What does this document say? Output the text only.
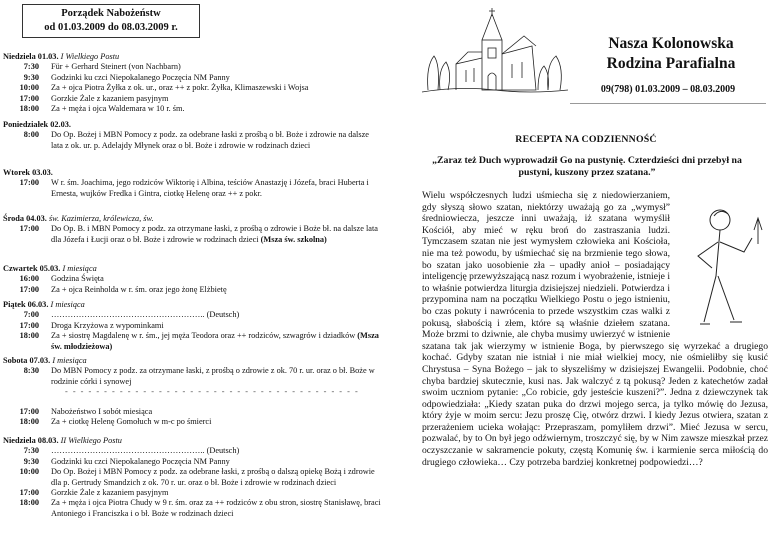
Porządek Nabożeństw
od 01.03.2009 do 08.03.2009 r.
Niedziela 01.03. I Wielkiego Postu
7:30	Für + Gerhard Steinert (von Nachbarn)
9:30	Godzinki ku czci Niepokalanego Poczęcia NM Panny
10:00	Za + ojca Piotra Żyłka z ok. ur., oraz ++ z pokr. Żyłka, Klimaszewski i Wojsa
17:00	Gorzkie Żale z kazaniem pasyjnym
18:00	Za + męża i ojca Waldemara w 10 r. śm.
Poniedziałek 02.03.
8:00	Do Op. Bożej i MBN Pomocy z podz. za odebrane łaski z prośbą o bł. Boże i zdrowie na dalsze lata z ok. ur. p. Adelajdy Młynek oraz o bł. Boże i zdrowie w rodzinach dzieci
Wtorek 03.03.
17:00	W r. śm. Joachima, jego rodziców Wiktorię i Albina, teściów Anastazję i Józefa, braci Huberta i Ernesta, wujków Fredka i Gintra, ciotkę Helenę oraz ++ z pokr.
Środa 04.03. św. Kazimierza, królewicza, św.
17:00	Do Op. B. i MBN Pomocy z podz. za otrzymane łaski, z prośbą o zdrowie i Boże bł. na dalsze lata dla Józefa i Łucji oraz o bł. Boże i zdrowie w rodzinach dzieci (Msza św. szkolna)
Czwartek 05.03. I miesiąca
16:00	Godzina Święta
17:00	Za + ojca Reinholda w r. śm. oraz jego żonę Elżbietę
Piątek 06.03. I miesiąca
7:00	……………………………………………….. (Deutsch)
17:00	Droga Krzyżowa z wypominkami
18:00	Za + siostrę Magdalenę w r. śm., jej męża Teodora oraz ++ rodziców, szwagrów i dziadków (Msza św. młodzieżowa)
Sobota 07.03. I miesiąca
8:30	Do MBN Pomocy z podz. za otrzymane łaski, z prośbą o zdrowie z ok. 70 r. ur. oraz o bł. Boże w rodzinie córki i synowej
- - - - - - - - - - - - - - - - - - - - - - - - - - - - - - - - - - - - - -
17:00	Nabożeństwo I sobót miesiąca
18:00	Za + ciotkę Helenę Gomołuch w m-c po śmierci
Niedziela 08.03. II Wielkiego Postu
7:30	……………………………………………….. (Deutsch)
9:30	Godzinki ku czci Niepokalanego Poczęcia NM Panny
10:00	Do Op. Bożej i MBN Pomocy z podz. za odebrane łaski, z prośbą o dalszą opiekę Bożą i zdrowie dla p. Gertrudy Smandzich z ok. 70 r. ur. oraz o bł. Boże i zdrowie w rodzinach dzieci
17:00	Gorzkie Żale z kazaniem pasyjnym
18:00	Za + męża i ojca Piotra Chudy w 9 r. śm. oraz za ++ rodziców z obu stron, siostrę Stanisławę, braci Antoniego i Franciszka i o bł. Boże w rodzinach dzieci
Nasza Kolonowska
Rodzina Parafialna
09(798) 01.03.2009 – 08.03.2009
RECEPTA NA CODZIENNOŚĆ
„Zaraz też Duch wyprowadził Go na pustynię. Czterdzieści dni przebył na pustyni, kuszony przez szatana.”

Wielu współczesnych ludzi uśmiecha się z niedowierzaniem, gdy słyszą słowo szatan, niektórzy uważają go za „wymysł” średniowiecza, jeszcze inni uważają, iż szatana wymyślił Kościół, aby mieć w ręku broń do zastraszania ludzi. Tymczasem szatan nie jest wymysłem człowieka ani Kościoła, nie ma też powodu, by uśmiechać się na brzmienie tego słowa, bo szatan jako uosobienie zła – upadły anioł – posiadający inteligencję przewyższającą nasz rozum i wyobrażenie, istnieje i to właśnie potwierdza liturgia dzisiejszej niedzieli. Potwierdza i przypomina nam na początku Wielkiego Postu o jego istnieniu, bo czas pokuty i nawrócenia to przede wszystkim czas walki z pokusą, słabością i złem, które są właśnie dziełem szatana. Może brzmi to dziwnie, ale chyba musimy uwierzyć w istnienie szatana tak jak wierzymy w istnienie Boga, by pierwszego się wyrzekać a drugiego kochać. Gdyby szatan nie istniał i nie miał wielkiej mocy, nie ośmieliłby się kusić Chrystusa – Syna Bożego – jak to słyszeliśmy w dzisiejszej Ewangelii. Podobnie, choć chyba bardziej skutecznie, kusi nas. Jak walczyć z tą pokusą? Jeden z katechetów zadał swoim uczniom pytanie: „Co robicie, gdy jesteście kuszeni?”. Jedna z dziewczynek tak odpowiedziała: „Kiedy szatan puka do drzwi mojego serca, ja tylko mówię do Jezusa, który żyje w moim sercu: Jezu proszę Cię, otwórz drzwi. I kiedy Jezus otwiera, szatan z przerażeniem ucieka wołając: Przepraszam, pomyliłem drzwi”. Mieć Jezusa w sercu, pozwalać, by to On był jego odźwiernym, troszczyć się, by w Nim zawsze mieszkał przez oczyszczanie w sakramencie pokuty, częstą Komunię św. i karmienie serca miłością do drugiego człowieka… Czy potrzeba bardziej konkretnej podpowiedzi…?
